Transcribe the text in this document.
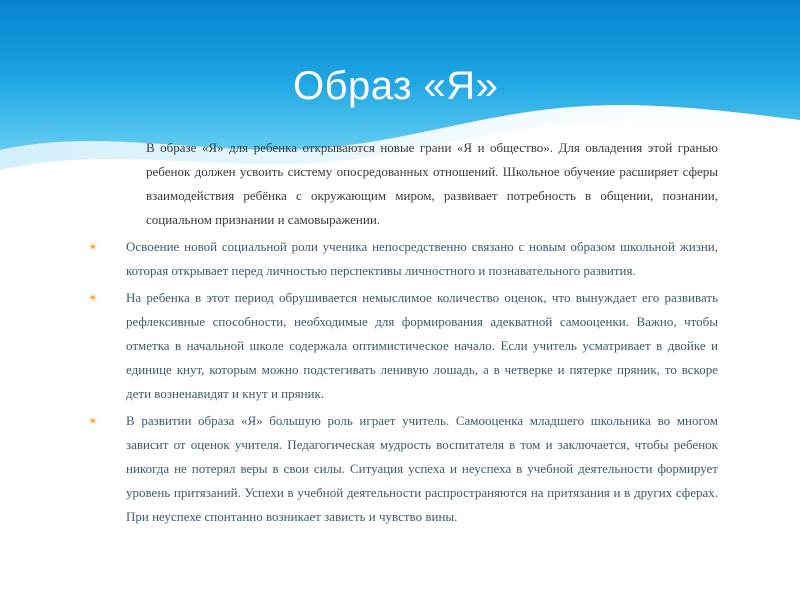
Образ «Я»

В образе «Я» для ребенка открываются новые грани «Я и общество». Для овладения этой гранью ребенок должен усвоить систему опосредованных отношений. Школьное обучение расширяет сферы взаимодействия ребёнка с окружающим миром, развивает потребность в общении, познании, социальном признании и самовыражении.

✴ Освоение новой социальной роли ученика непосредственно связано с новым образом школьной жизни, которая открывает перед личностью перспективы личностного и познавательного развития.

✴ На ребенка в этот период обрушивается немыслимое количество оценок, что вынуждает его развивать рефлексивные способности, необходимые для формирования адекватной самооценки. Важно, чтобы отметка в начальной школе содержала оптимистическое начало. Если учитель усматривает в двойке и единице кнут, которым можно подстегивать ленивую лошадь, а в четверке и пятерке пряник, то вскоре дети возненавидят и кнут и пряник.

✴ В развитии образа «Я» большую роль играет учитель. Самооценка младшего школьника во многом зависит от оценок учителя. Педагогическая мудрость воспитателя в том и заключается, чтобы ребенок никогда не потерял веры в свои силы. Ситуация успеха и неуспеха в учебной деятельности формирует уровень притязаний. Успехи в учебной деятельности распространяются на притязания и в других сферах. При неуспехе спонтанно возникает зависть и чувство вины.
